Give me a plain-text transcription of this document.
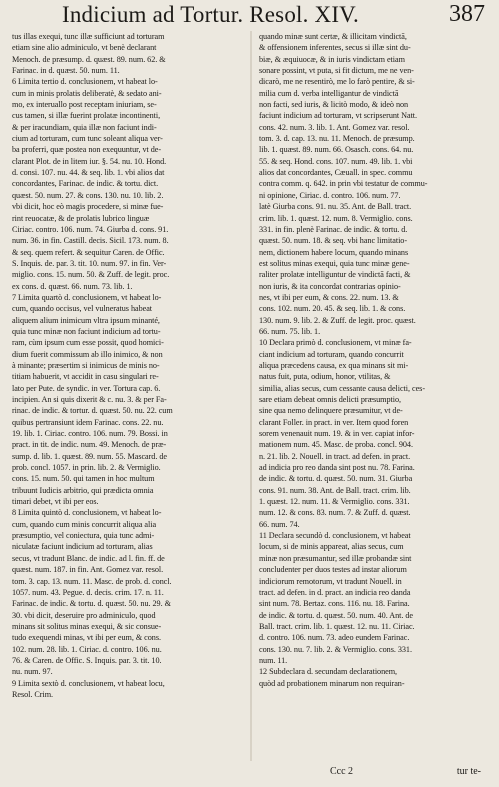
Indicium ad Tortur. Resol. XIV.	387
tus illas exequi, tunc illæ sufficiunt ad torturam
etiam sine alio adminiculo, vt benè declarant
Menoch. de præsump. d. quæst. 89. num. 62. &
Farinac. in d. quæst. 50. num. 11.
6 Limita tertio d. conclusionem, vt habeat lo-
cum in minis prolatis deliberatè, & sedato ani-
mo, ex interuallo post receptam iniuriam, se-
cus tamen, si illæ fuerint prolatæ incontinenti,
& per iracundiam, quia illæ non faciunt indi-
cium ad torturam, cum tunc soleant aliqua ver-
ba proferri, quæ postea non exequuntur, vt de-
clarant Plot. de in litem iur. §. 54. nu. 10. Hond.
d. consi. 107. nu. 44. & seq. lib. 1. vbi alios dat
concordantes, Farinac. de indic. & tortu. dict.
quæst. 50. num. 27. & cons. 130. nu. 10. lib. 2.
vbi dicit, hoc eò magis procedere, si minæ fue-
rint reuocatæ, & de prolatis lubrico linguæ
Ciriac. contro. 106. num. 74. Giurba d. cons. 91.
num. 36. in fin. Castill. decis. Sicil. 173. num. 8.
& seq. quem refert. & sequitur Caren. de Offic.
S. Inquis. de. par. 3. tit. 10. num. 97. in fin. Ver-
miglio. cons. 15. num. 50. & Zuff. de legit. proc.
ex cons. d. quæst. 66. num. 73. lib. 1.
7 Limita quartò d. conclusionem, vt habeat lo-
cum, quando occisus, vel vulneratus habeat
aliquem alium inimicum vltra ipsum minanté,
quia tunc minæ non faciunt indicium ad tortu-
ram, cùm ipsum cum esse possit, quod homici-
dium fuerit commissum ab illo inimico, & non
à minante; præsertim si inimicus de minis no-
titiam habuerit, vt accidit in casu singulari re-
lato per Pute. de syndic. in ver. Tortura cap. 6.
incipien. An si quis dixerit & c. nu. 3. & per Fa-
rinac. de indic. & tortur. d. quæst. 50. nu. 22. cum
quibus pertransiunt idem Farinac. cons. 22. nu.
19. lib. 1. Ciriac. contro. 106. num. 79. Bossi. in
pract. in tit. de indic. num. 49. Menoch. de præ-
sump. d. lib. 1. quæst. 89. num. 55. Mascard. de
prob. concl. 1057. in prin. lib. 2. & Vermiglio.
cons. 15. num. 50. qui tamen in hoc multum
tribuunt Iudicis arbitrio, qui prædicta omnia
timari debet, vt ibi per eos.
8 Limita quintò d. conclusionem, vt habeat lo-
cum, quando cum minis concurrit aliqua alia
præsumptio, vel coniectura, quia tunc admi-
niculatæ faciunt indicium ad torturam, alias
secus, vt tradunt Blanc. de indic. ad l. fin. ff. de
quæst. num. 187. in fin. Ant. Gomez var. resol.
tom. 3. cap. 13. num. 11. Masc. de prob. d. concl.
1057. num. 43. Pegue. d. decis. crim. 17. n. 11.
Farinac. de indic. & tortu. d. quæst. 50. nu. 29. &
30. vbi dicit, deseruire pro adminiculo, quod
minans sit solitus minas exequi, & sic consue-
tudo exequendi minas, vt ibi per eum, & cons.
102. num. 28. lib. 1. Ciriac. d. contro. 106. nu.
76. & Caren. de Offic. S. Inquis. par. 3. tit. 10.
nu. num. 97.
9 Limita sextò d. conclusionem, vt habeat locu,
Resol. Crim.
quando minæ sunt certæ, & illicitam vindictā,
& offensionem inferentes, secus si illæ sint du-
biæ, & æquiuocæ, & in iuris vindictam etiam
sonare possint, vt puta, si fit dictum, me ne ven-
dicarò, me ne resentirò, me lo farò pentire, & si-
milia cum d. verba intelligantur de vindictā
non facti, sed iuris, & licitò modo, & ideò non
faciunt indicium ad torturam, vt scripserunt Natt.
cons. 42. num. 3. lib. 1. Ant. Gomez var. resol.
tom. 3. d. cap. 13. nu. 11. Menoch. de præsump.
lib. 1. quæst. 89. num. 66. Osasch. cons. 64. nu.
55. & seq. Hond. cons. 107. num. 49. lib. 1. vbi
alios dat concordantes, Cæuall. in spec. commu
contra comm. q. 642. in prin vbi testatur de commu-
ni opinione, Ciriac. d. contro. 106. num. 77.
latè Giurba cons. 91. nu. 35. Ant. de Ball. tract.
crim. lib. 1. quæst. 12. num. 8. Vermiglio. cons.
331. in fin. plenè Farinac. de indic. & tortu. d.
quæst. 50. num. 18. & seq. vbi hanc limitatio-
nem, dictionem habere locum, quando minans
est solitus minas exequi, quia tunc minæ gene-
raliter prolatæ intelliguntur de vindictā facti, &
non iuris, & ita concordat contrarias opinio-
nes, vt ibi per eum, & cons. 22. num. 13. &
cons. 102. num. 20. 45. & seq. lib. 1. & cons.
130. num. 9. lib. 2. & Zuff. de legit. proc. quæst.
66. num. 75. lib. 1.
10 Declara primò d. conclusionem, vt minæ fa-
ciant indicium ad torturam, quando concurrit
aliqua præcedens causa, ex qua minans sit mi-
natus fuit, puta, odium, honor, vtilitas, &
similia, alias secus, cum cessante causa delicti, ces-
sare etiam debeat omnis delicti præsumptio,
sine qua nemo delinquere præsumitur, vt de-
clarant Foller. in pract. in ver. Item quod foren
sorem venenauit num. 19. & in ver. capiat infor-
mationem num. 45. Masc. de proba. concl. 904.
n. 21. lib. 2. Nouell. in tract. ad defen. in pract.
ad indicia pro reo danda sint post nu. 78. Farina.
de indic. & tortu. d. quæst. 50. num. 31. Giurba
cons. 91. num. 38. Ant. de Ball. tract. crim. lib.
1. quæst. 12. num. 11. & Vermiglio. cons. 331.
num. 12. & cons. 83. num. 7. & Zuff. d. quæst.
66. num. 74.
11 Declara secundò d. conclusionem, vt habeat
locum, si de minis appareat, alias secus, cum
minæ non præsumantur, sed illæ probandæ sint
concludenter per duos testes ad instar aliorum
indiciorum remotorum, vt tradunt Nouell. in
tract. ad defen. in d. pract. an indicia reo danda
sint num. 78. Bertaz. cons. 116. nu. 18. Farina.
de indic. & tortu. d. quæst. 50. num. 40. Ant. de
Ball. tract. crim. lib. 1. quæst. 12. nu. 11. Ciriac.
d. contro. 106. num. 73. adeo eundem Farinac.
cons. 130. nu. 7. lib. 2. & Vermiglio. cons. 331.
num. 11.
12 Subdeclara d. secundam declarationem,
quòd ad probationem minarum non requiran-
Ccc 2	tur te-
